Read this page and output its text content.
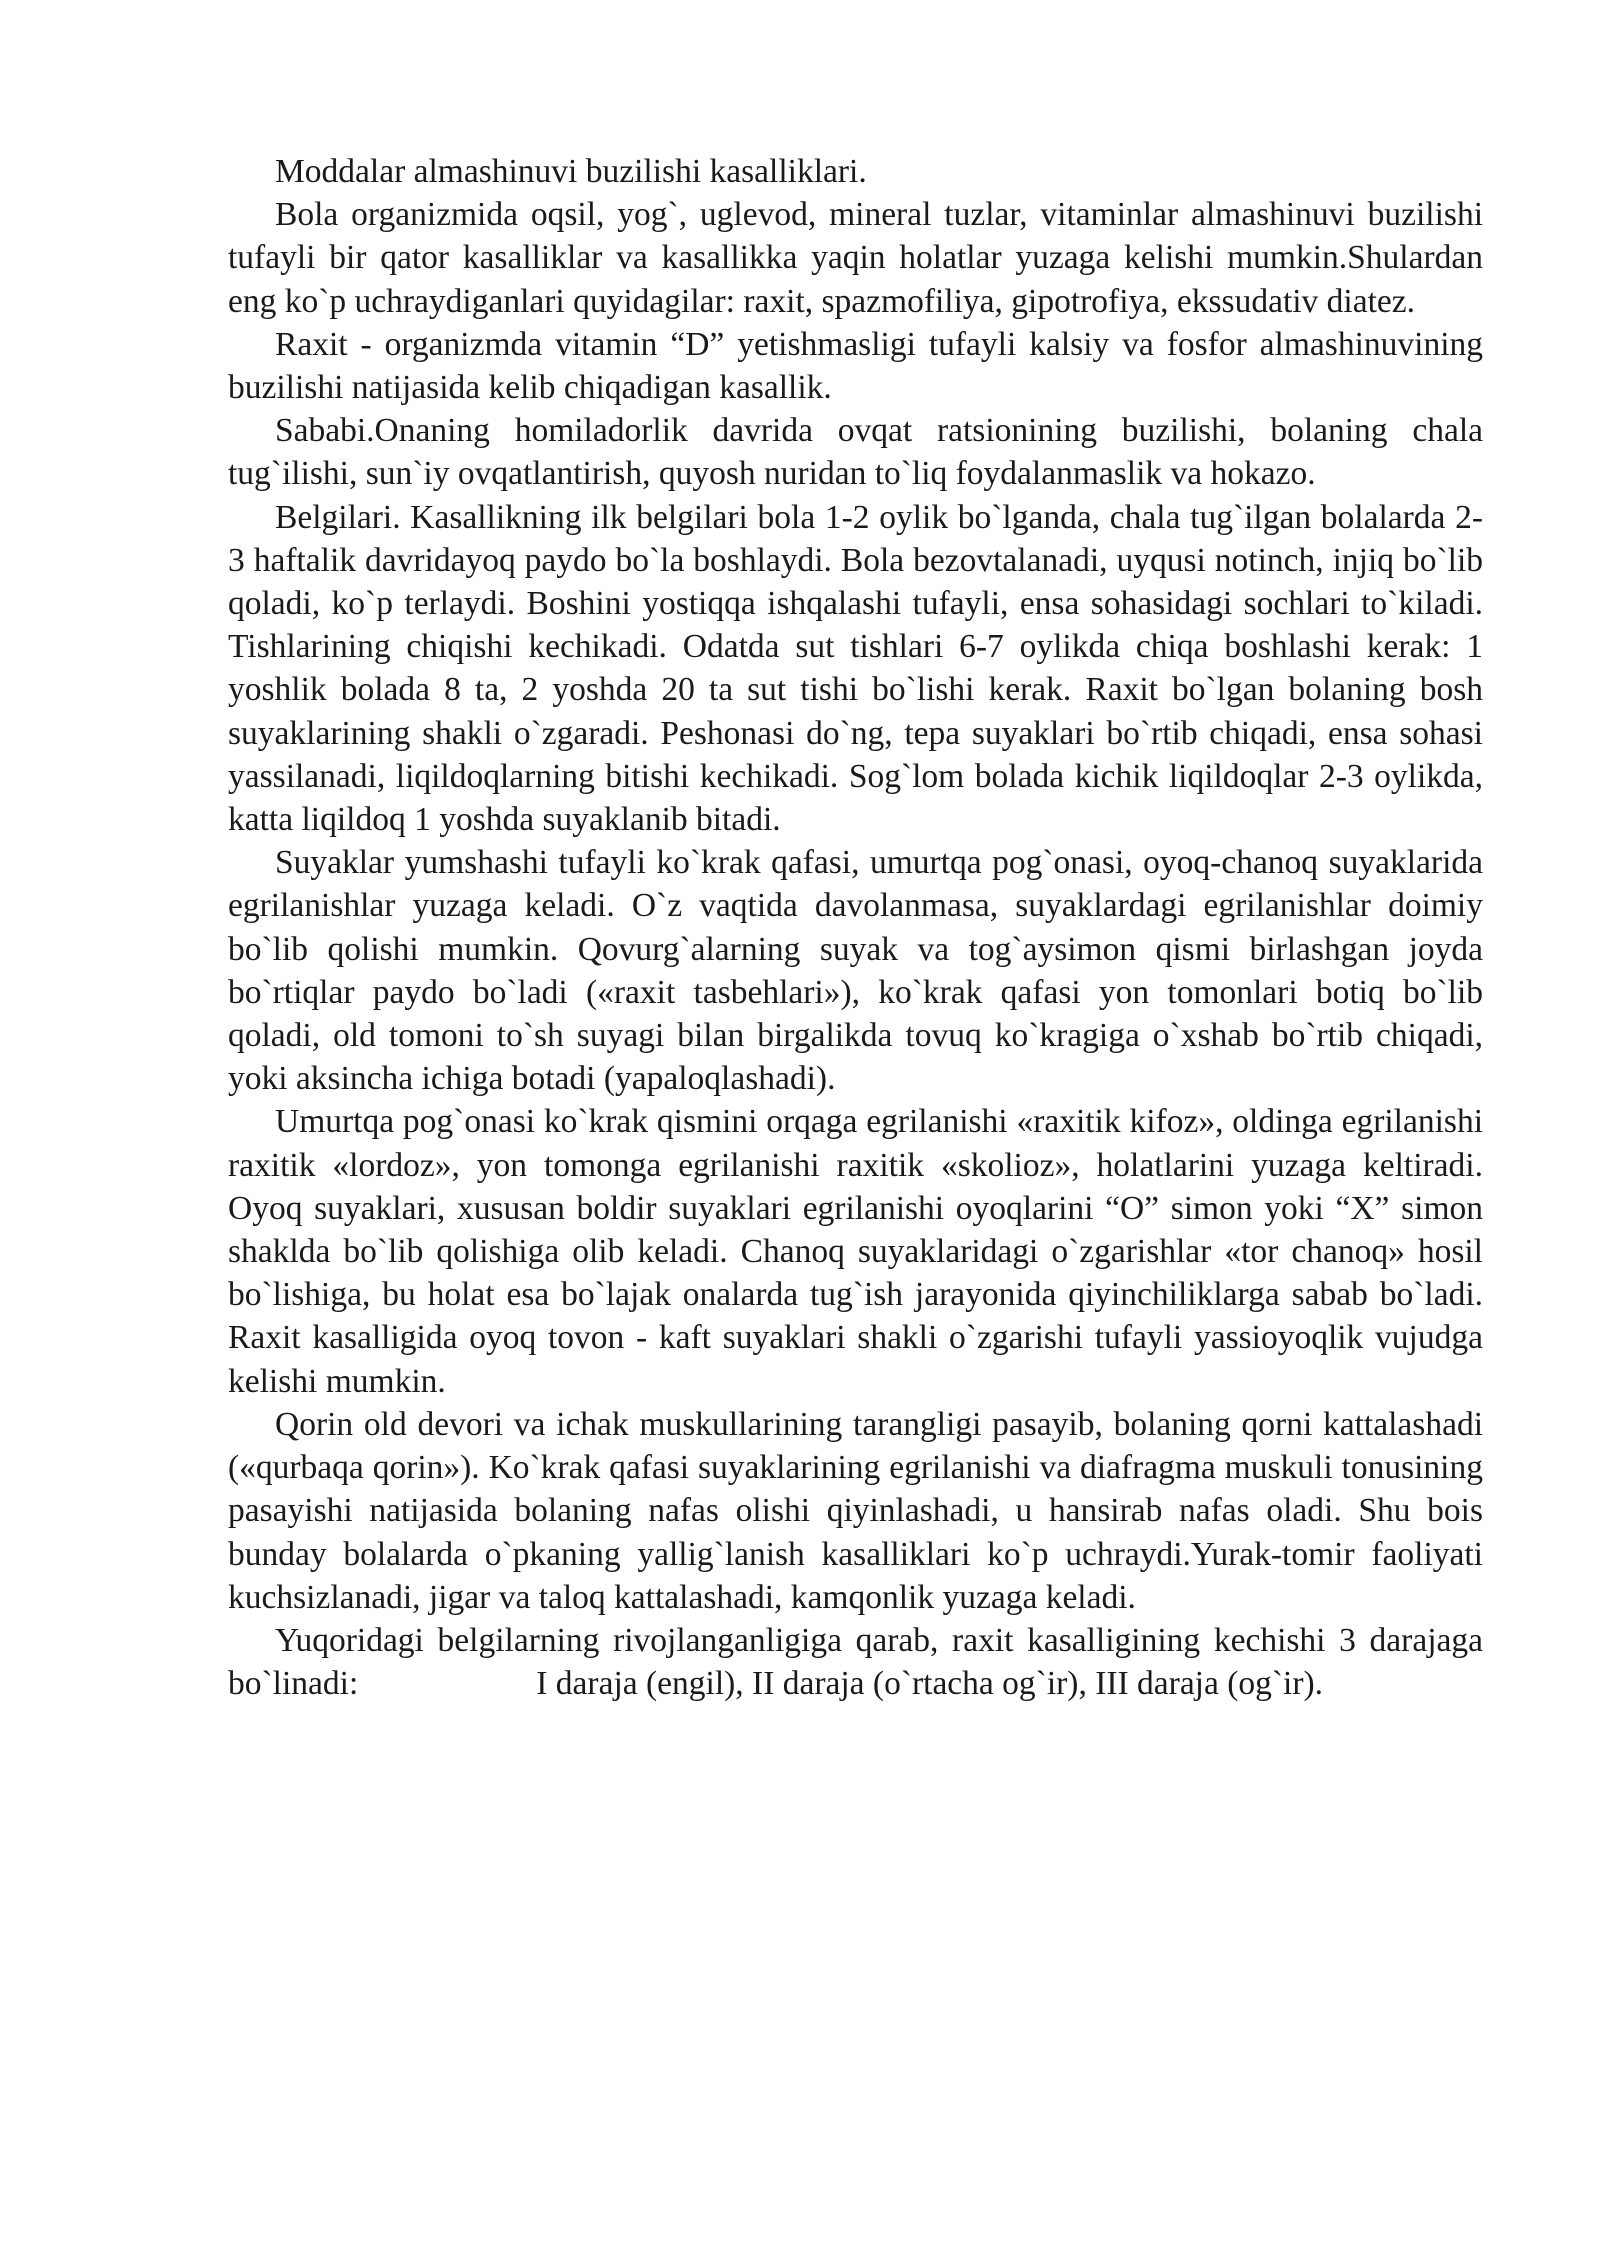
Moddalar almashinuvi buzilishi kasalliklari.

Bola organizmida oqsil, yog`, uglevod, mineral tuzlar, vitaminlar almashinuvi buzilishi tufayli bir qator kasalliklar va kasallikka yaqin holatlar yuzaga kelishi mumkin.Shulardan eng ko`p uchraydiganlari quyidagilar: raxit, spazmofiliya, gipotrofiya, ekssudativ diatez.

Raxit - organizmda vitamin “D” yetishmasligi tufayli kalsiy va fosfor almashinuvining buzilishi natijasida kelib chiqadigan kasallik.

Sababi.Onaning homiladorlik davrida ovqat ratsionining buzilishi, bolaning chala tug`ilishi, sun`iy ovqatlantirish, quyosh nuridan to`liq foydalanmaslik va hokazo.

Belgilari. Kasallikning ilk belgilari bola 1-2 oylik bo`lganda, chala tug`ilgan bolalarda 2-3 haftalik davridayoq paydo bo`la boshlaydi. Bola bezovtalanadi, uyqusi notinch, injiq bo`lib qoladi, ko`p terlaydi. Boshini yostiqqa ishqalashi tufayli, ensa sohasidagi sochlari to`kiladi. Tishlarining chiqishi kechikadi. Odatda sut tishlari 6-7 oylikda chiqa boshlashi kerak: 1 yoshlik bolada 8 ta, 2 yoshda 20 ta sut tishi bo`lishi kerak. Raxit bo`lgan bolaning bosh suyaklarining shakli o`zgaradi. Peshonasi do`ng, tepa suyaklari bo`rtib chiqadi, ensa sohasi yassilanadi, liqildoqlarning bitishi kechikadi. Sog`lom bolada kichik liqildoqlar 2-3 oylikda, katta liqildoq 1 yoshda suyaklanib bitadi.

Suyaklar yumshashi tufayli ko`krak qafasi, umurtqa pog`onasi, oyoq-chanoq suyaklarida egrilanishlar yuzaga keladi. O`z vaqtida davolanmasa, suyaklardagi egrilanishlar doimiy bo`lib qolishi mumkin. Qovurg`alarning suyak va tog`aysimon qismi birlashgan joyda bo`rtiqlar paydo bo`ladi («raxit tasbehlari»), ko`krak qafasi yon tomonlari botiq bo`lib qoladi, old tomoni to`sh suyagi bilan birgalikda tovuq ko`kragiga o`xshab bo`rtib chiqadi, yoki aksincha ichiga botadi (yapaloqlashadi).

Umurtqa pog`onasi ko`krak qismini orqaga egrilanishi «raxitik kifoz», oldinga egrilanishi raxitik «lordoz», yon tomonga egrilanishi raxitik «skolioz», holatlarini yuzaga keltiradi. Oyoq suyaklari, xususan boldir suyaklari egrilanishi oyoqlarini “O” simon yoki “X” simon shaklda bo`lib qolishiga olib keladi. Chanoq suyaklaridagi o`zgarishlar «tor chanoq» hosil bo`lishiga, bu holat esa bo`lajak onalarda tug`ish jarayonida qiyinchiliklarga sabab bo`ladi. Raxit kasalligida oyoq tovon - kaft suyaklari shakli o`zgarishi tufayli yassioyoqlik vujudga kelishi mumkin.

Qorin old devori va ichak muskullarining tarangligi pasayib, bolaning qorni kattalashadi («qurbaqa qorin»). Ko`krak qafasi suyaklarining egrilanishi va diafragma muskuli tonusining pasayishi natijasida bolaning nafas olishi qiyinlashadi, u hansirab nafas oladi. Shu bois bunday bolalarda o`pkaning yallig`lanish kasalliklari ko`p uchraydi.Yurak-tomir faoliyati kuchsizlanadi, jigar va taloq kattalashadi, kamqonlik yuzaga keladi.

Yuqoridagi belgilarning rivojlanganligiga qarab, raxit kasalligining kechishi 3 darajaga bo`linadi:	I daraja (engil), II daraja (o`rtacha og`ir), III daraja (og`ir).
